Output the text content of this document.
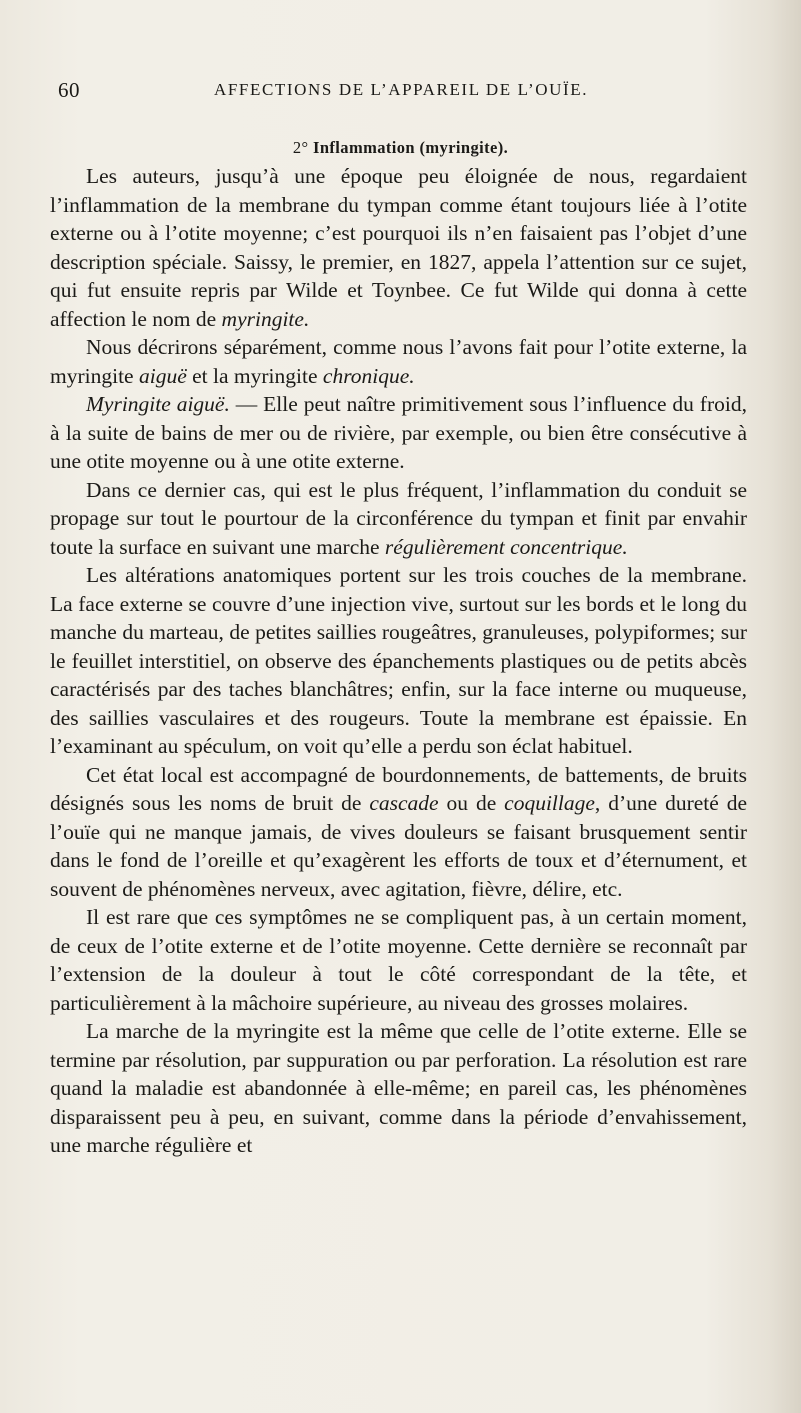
60	AFFECTIONS DE L’APPAREIL DE L’OUÏE.
2° Inflammation (myringite).

Les auteurs, jusqu’à une époque peu éloignée de nous, regardaient l’inflammation de la membrane du tympan comme étant toujours liée à l’otite externe ou à l’otite moyenne; c’est pourquoi ils n’en faisaient pas l’objet d’une description spéciale. Saissy, le premier, en 1827, appela l’attention sur ce sujet, qui fut ensuite repris par Wilde et Toynbee. Ce fut Wilde qui donna à cette affection le nom de myringite.

Nous décrirons séparément, comme nous l’avons fait pour l’otite externe, la myringite aiguë et la myringite chronique.

Myringite aiguë. — Elle peut naître primitivement sous l’influence du froid, à la suite de bains de mer ou de rivière, par exemple, ou bien être consécutive à une otite moyenne ou à une otite externe.

Dans ce dernier cas, qui est le plus fréquent, l’inflammation du conduit se propage sur tout le pourtour de la circonférence du tympan et finit par envahir toute la surface en suivant une marche régulièrement concentrique.

Les altérations anatomiques portent sur les trois couches de la membrane. La face externe se couvre d’une injection vive, surtout sur les bords et le long du manche du marteau, de petites saillies rougeâtres, granuleuses, polypiformes; sur le feuillet interstitiel, on observe des épanchements plastiques ou de petits abcès caractérisés par des taches blanchâtres; enfin, sur la face interne ou muqueuse, des saillies vasculaires et des rougeurs. Toute la membrane est épaissie. En l’examinant au spéculum, on voit qu’elle a perdu son éclat habituel.

Cet état local est accompagné de bourdonnements, de battements, de bruits désignés sous les noms de bruit de cascade ou de coquillage, d’une dureté de l’ouïe qui ne manque jamais, de vives douleurs se faisant brusquement sentir dans le fond de l’oreille et qu’exagèrent les efforts de toux et d’éternument, et souvent de phénomènes nerveux, avec agitation, fièvre, délire, etc.

Il est rare que ces symptômes ne se compliquent pas, à un certain moment, de ceux de l’otite externe et de l’otite moyenne. Cette dernière se reconnaît par l’extension de la douleur à tout le côté correspondant de la tête, et particulièrement à la mâchoire supérieure, au niveau des grosses molaires.

La marche de la myringite est la même que celle de l’otite externe. Elle se termine par résolution, par suppuration ou par perforation. La résolution est rare quand la maladie est abandonnée à elle-même; en pareil cas, les phénomènes disparaissent peu à peu, en suivant, comme dans la période d’envahissement, une marche régulière et
